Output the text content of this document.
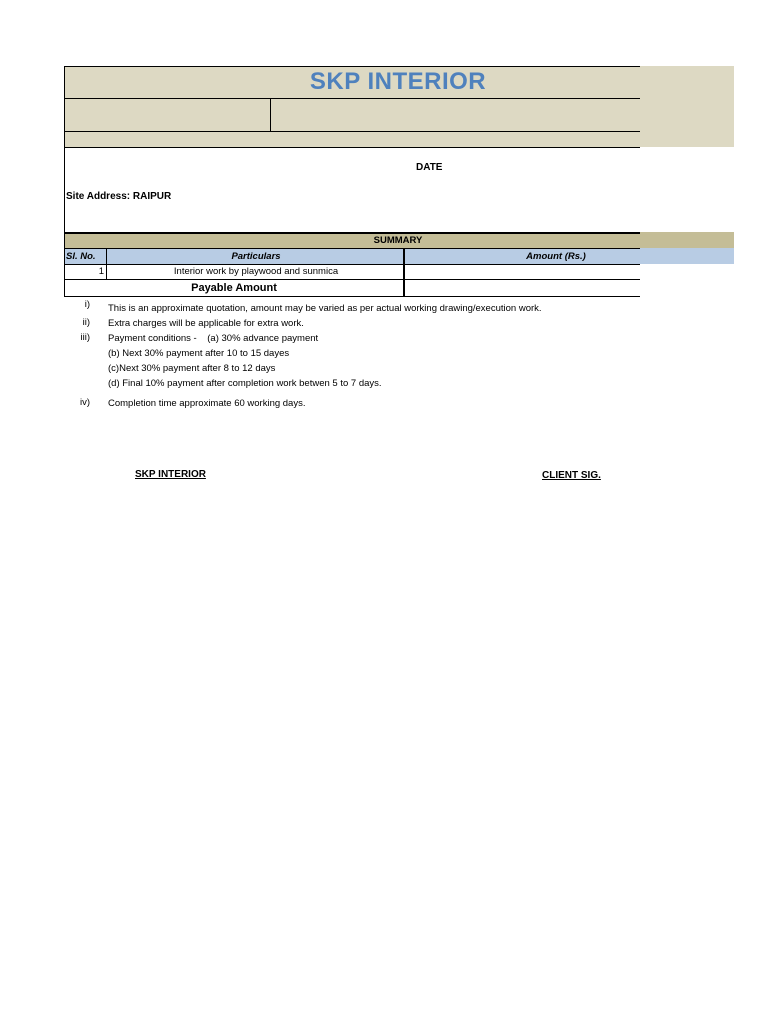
SKP INTERIOR
DATE
Site Address: RAIPUR
SUMMARY
Sl. No.	Particulars	Amount (Rs.)
1	Interior work by playwood and sunmica
Payable Amount
i) This is an approximate quotation, amount may be varied as per actual working drawing/execution work.
ii) Extra charges will be applicable for extra work.
iii) Payment conditions -    (a) 30% advance payment
(b) Next 30% payment after 10 to 15 dayes
(c)Next 30% payment after 8 to 12 days
(d) Final 10% payment after completion work betwen 5 to 7 days.
iv) Completion time approximate 60 working days.
SKP INTERIOR	CLIENT SIG.
